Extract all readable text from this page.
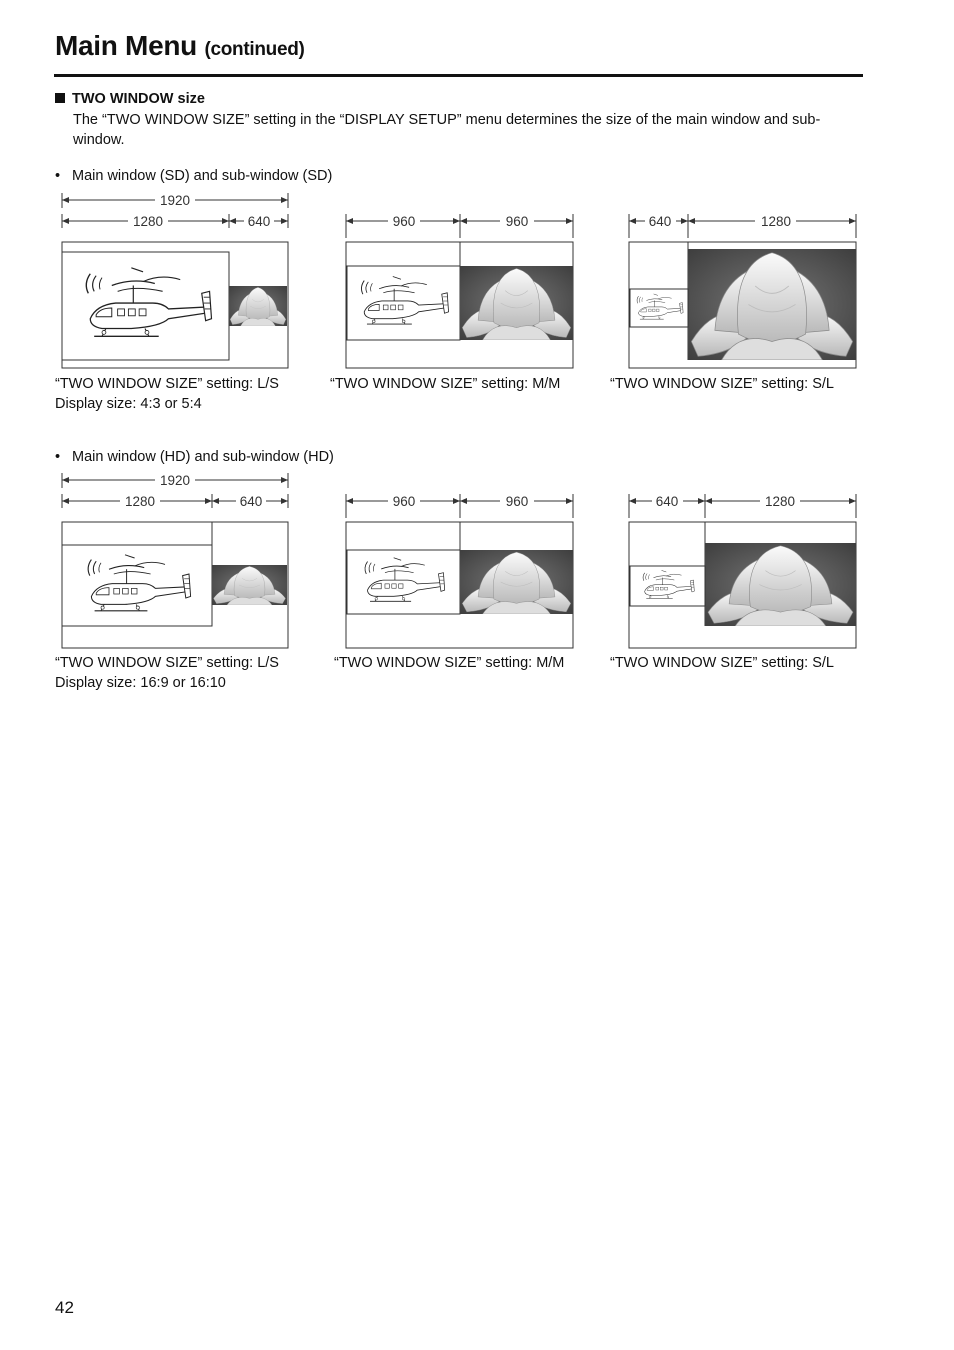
Main Menu (continued)
TWO WINDOW size
The “TWO WINDOW SIZE” setting in the “DISPLAY SETUP” menu determines the size of the main window and sub-window.
• Main window (SD) and sub-window (SD)
• Main window (HD) and sub-window (HD)
1920
1280	640	960	960	640	1280
“TWO WINDOW SIZE” setting: L/S
Display size: 4:3 or 5:4
“TWO WINDOW SIZE” setting: M/M	“TWO WINDOW SIZE” setting: S/L
1920
1280	640	960	960	640	1280
“TWO WINDOW SIZE” setting: L/S
Display size: 16:9 or 16:10
“TWO WINDOW SIZE” setting: M/M	“TWO WINDOW SIZE” setting: S/L
42
